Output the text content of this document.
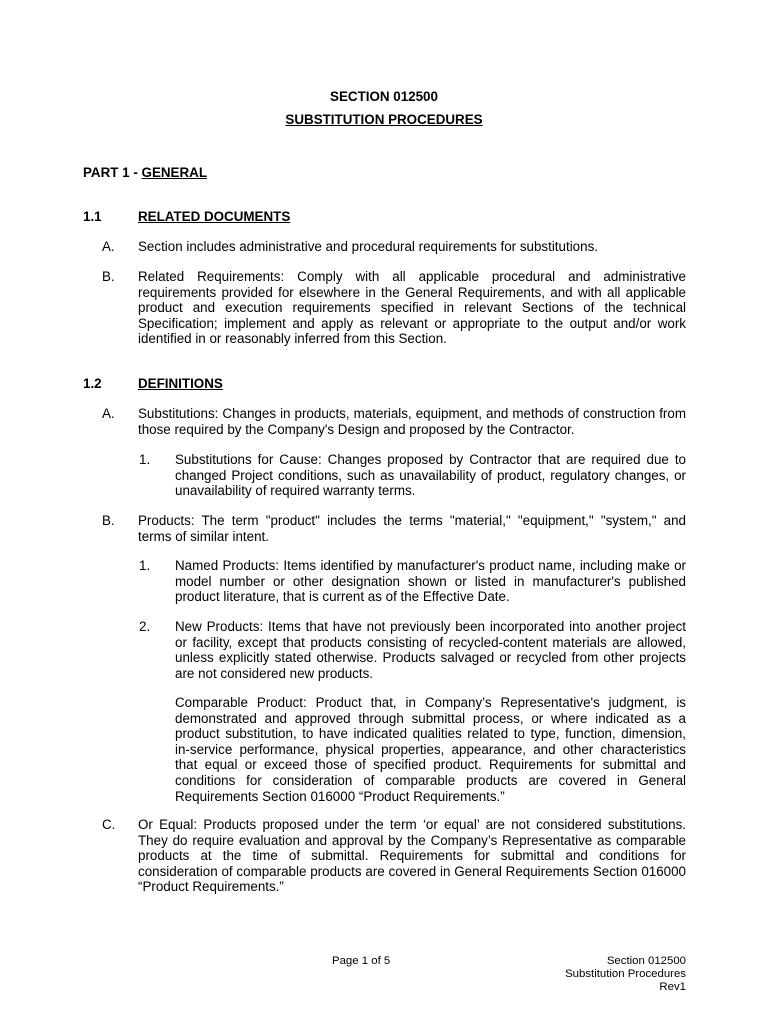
SECTION 012500
SUBSTITUTION PROCEDURES
PART 1 - GENERAL
1.1	RELATED DOCUMENTS
A. Section includes administrative and procedural requirements for substitutions.
B. Related Requirements: Comply with all applicable procedural and administrative requirements provided for elsewhere in the General Requirements, and with all applicable product and execution requirements specified in relevant Sections of the technical Specification; implement and apply as relevant or appropriate to the output and/or work identified in or reasonably inferred from this Section.
1.2	DEFINITIONS
A. Substitutions: Changes in products, materials, equipment, and methods of construction from those required by the Company's Design and proposed by the Contractor.
1. Substitutions for Cause: Changes proposed by Contractor that are required due to changed Project conditions, such as unavailability of product, regulatory changes, or unavailability of required warranty terms.
B. Products: The term "product" includes the terms "material," "equipment," "system," and terms of similar intent.
1. Named Products: Items identified by manufacturer's product name, including make or model number or other designation shown or listed in manufacturer's published product literature, that is current as of the Effective Date.
2. New Products: Items that have not previously been incorporated into another project or facility, except that products consisting of recycled-content materials are allowed, unless explicitly stated otherwise. Products salvaged or recycled from other projects are not considered new products.
Comparable Product: Product that, in Company’s Representative's judgment, is demonstrated and approved through submittal process, or where indicated as a product substitution, to have indicated qualities related to type, function, dimension, in-service performance, physical properties, appearance, and other characteristics that equal or exceed those of specified product. Requirements for submittal and conditions for consideration of comparable products are covered in General Requirements Section 016000 “Product Requirements.”
C. Or Equal: Products proposed under the term ‘or equal’ are not considered substitutions. They do require evaluation and approval by the Company’s Representative as comparable products at the time of submittal. Requirements for submittal and conditions for consideration of comparable products are covered in General Requirements Section 016000 “Product Requirements.”
Page 1 of 5	Section 012500
Substitution Procedures
Rev1
